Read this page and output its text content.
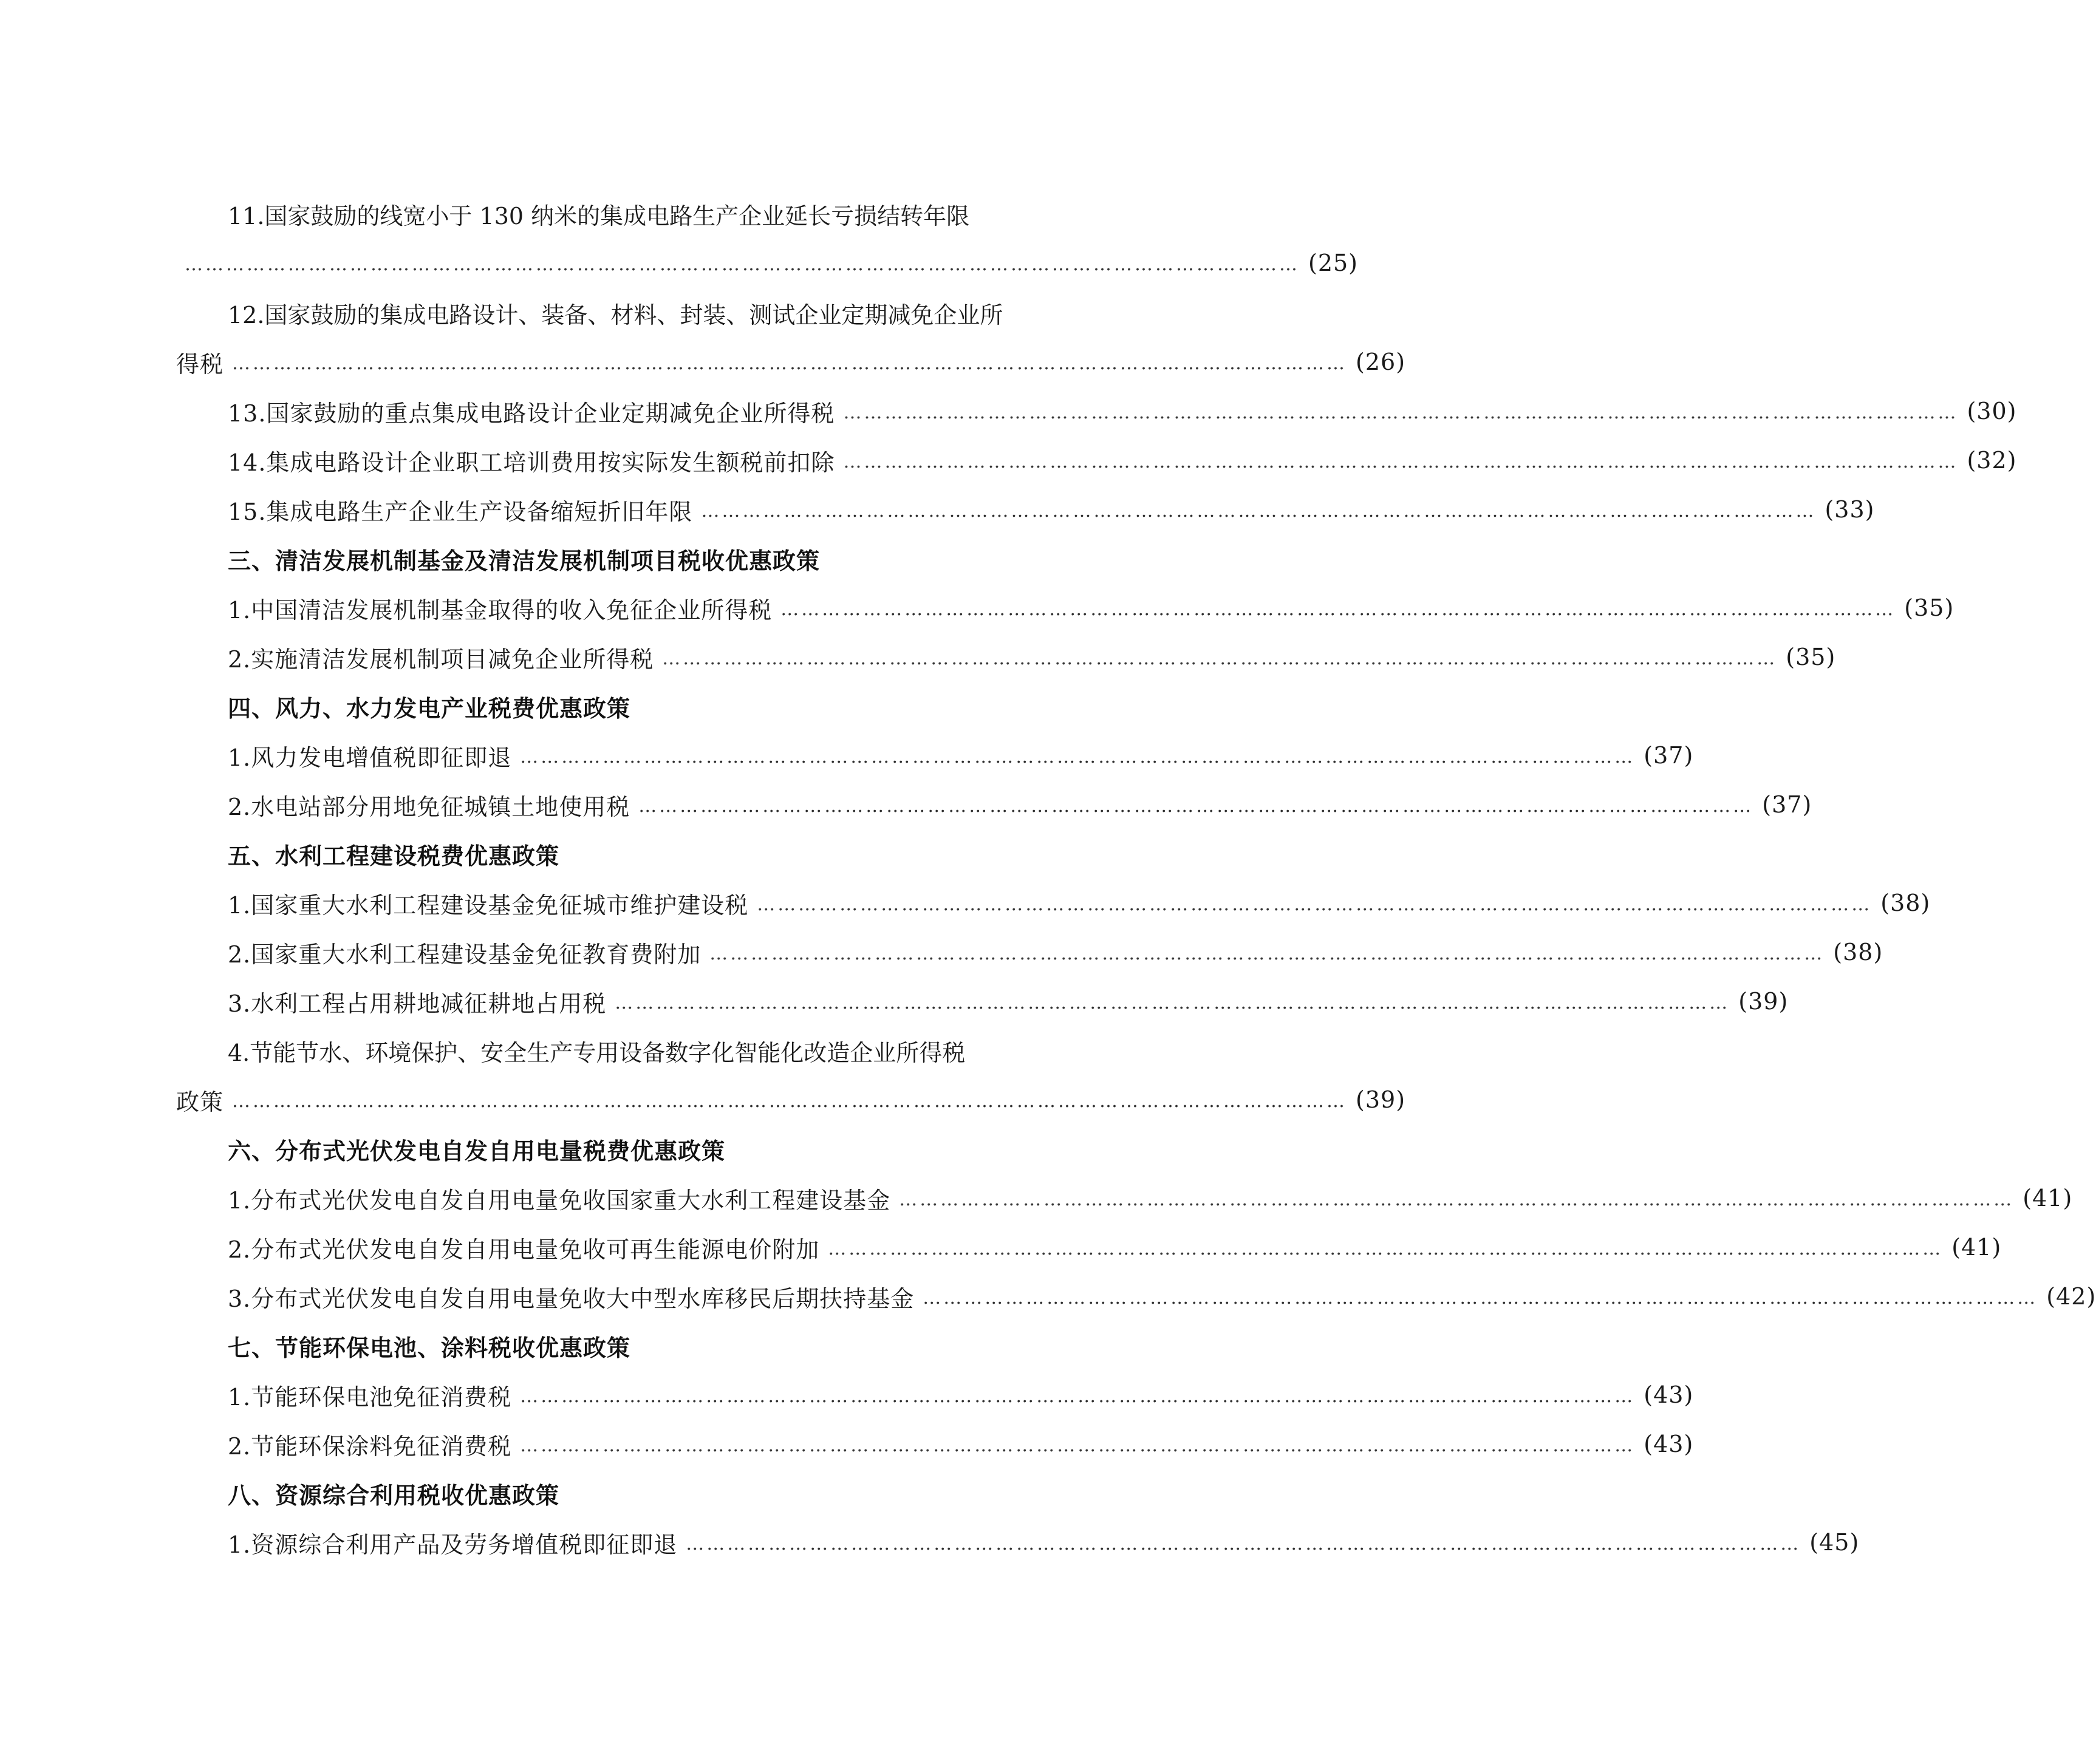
11.国家鼓励的线宽小于 130 纳米的集成电路生产企业延长亏损结转年限
……………………………………………………………………………………………………………………………………………… (25)
12.国家鼓励的集成电路设计、装备、材料、封装、测试企业定期减免企业所
得税 ……………………………………………………………………………………………………………………………………………… (26)
13.国家鼓励的重点集成电路设计企业定期减免企业所得税 ……………………………………………………………………………………………………………………………………………… (30)
14.集成电路设计企业职工培训费用按实际发生额税前扣除 ……………………………………………………………………………………………………………………………………………… (32)
15.集成电路生产企业生产设备缩短折旧年限 ……………………………………………………………………………………………………………………………………………… (33)
三、清洁发展机制基金及清洁发展机制项目税收优惠政策
1.中国清洁发展机制基金取得的收入免征企业所得税 ……………………………………………………………………………………………………………………………………………… (35)
2.实施清洁发展机制项目减免企业所得税 ……………………………………………………………………………………………………………………………………………… (35)
四、风力、水力发电产业税费优惠政策
1.风力发电增值税即征即退 ……………………………………………………………………………………………………………………………………………… (37)
2.水电站部分用地免征城镇土地使用税 ……………………………………………………………………………………………………………………………………………… (37)
五、水利工程建设税费优惠政策
1.国家重大水利工程建设基金免征城市维护建设税 ……………………………………………………………………………………………………………………………………………… (38)
2.国家重大水利工程建设基金免征教育费附加 ……………………………………………………………………………………………………………………………………………… (38)
3.水利工程占用耕地减征耕地占用税 ……………………………………………………………………………………………………………………………………………… (39)
4.节能节水、环境保护、安全生产专用设备数字化智能化改造企业所得税
政策 ……………………………………………………………………………………………………………………………………………… (39)
六、分布式光伏发电自发自用电量税费优惠政策
1.分布式光伏发电自发自用电量免收国家重大水利工程建设基金 ……………………………………………………………………………………………………………………………………………… (41)
2.分布式光伏发电自发自用电量免收可再生能源电价附加 ……………………………………………………………………………………………………………………………………………… (41)
3.分布式光伏发电自发自用电量免收大中型水库移民后期扶持基金 ……………………………………………………………………………………………………………………………………………… (42)
七、节能环保电池、涂料税收优惠政策
1.节能环保电池免征消费税 ……………………………………………………………………………………………………………………………………………… (43)
2.节能环保涂料免征消费税 ……………………………………………………………………………………………………………………………………………… (43)
八、资源综合利用税收优惠政策
1.资源综合利用产品及劳务增值税即征即退 ……………………………………………………………………………………………………………………………………………… (45)
